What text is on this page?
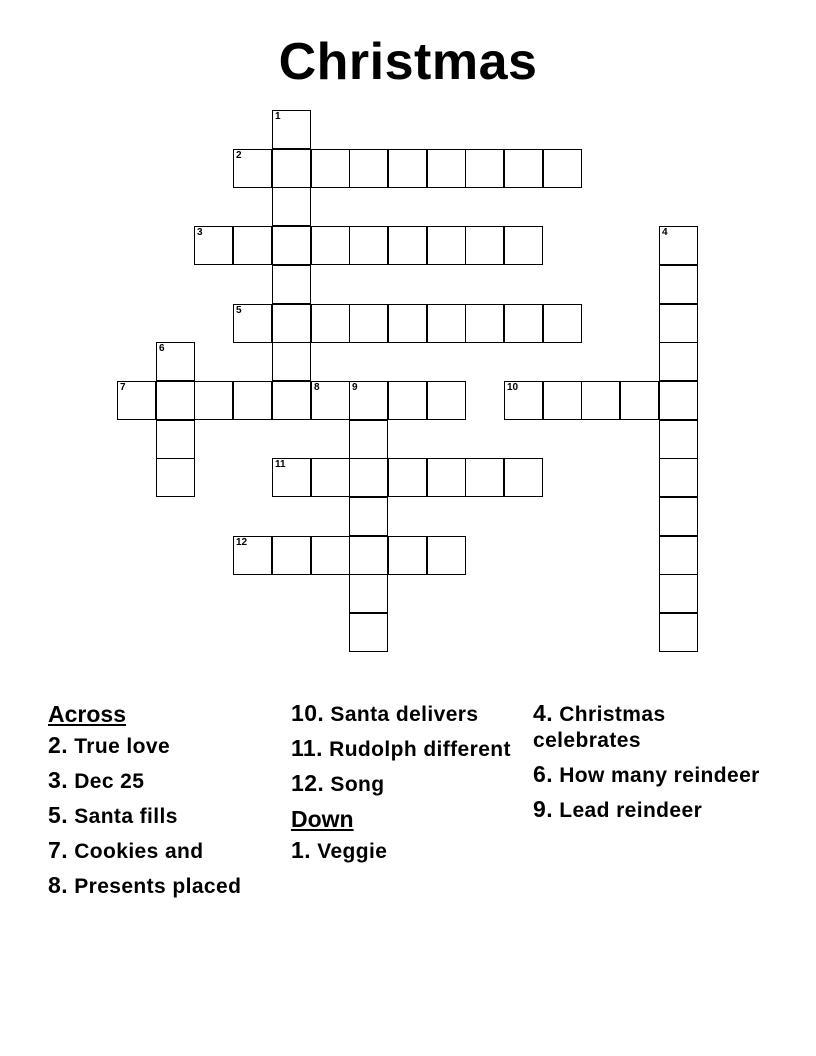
Christmas
1
2
3	4
5
6
7	8	9	10
11
12
Across
2. True love
3. Dec 25
5. Santa fills
7. Cookies and
8. Presents placed
10. Santa delivers
11. Rudolph different
12. Song
Down
1. Veggie
4. Christmas celebrates
6. How many reindeer
9. Lead reindeer
